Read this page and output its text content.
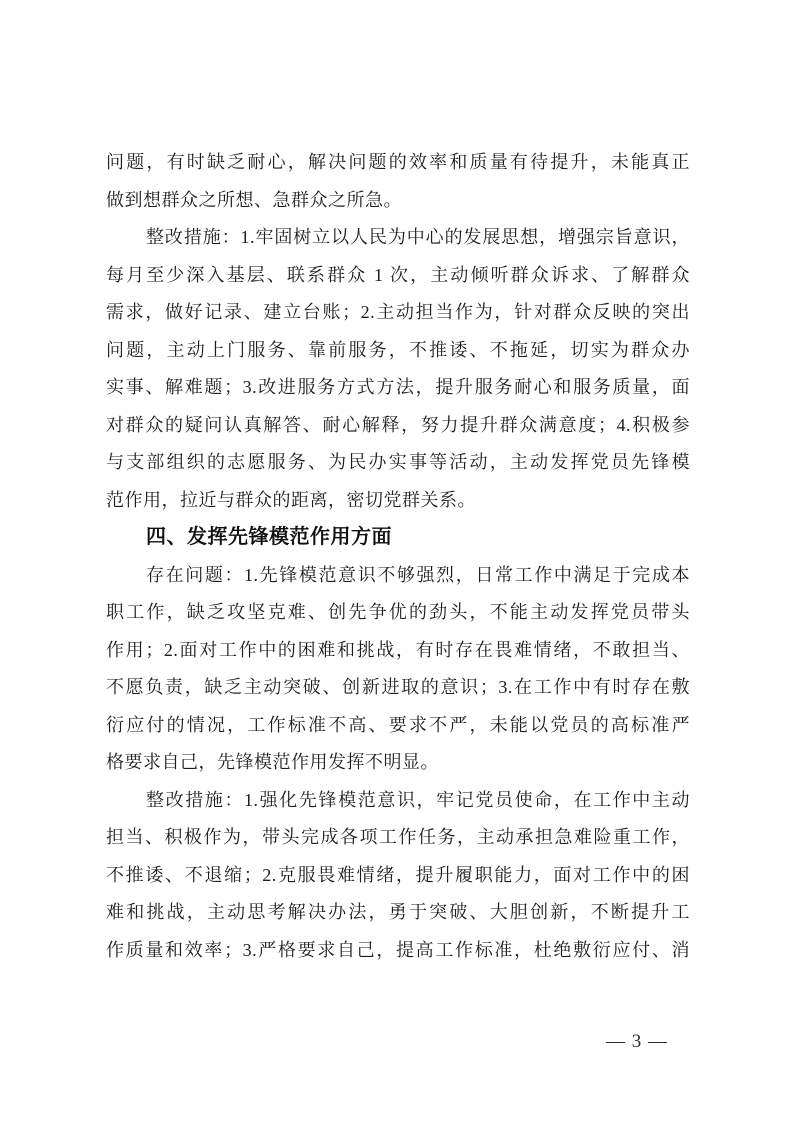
问题，有时缺乏耐心，解决问题的效率和质量有待提升，未能真正
做到想群众之所想、急群众之所急。
整改措施：1.牢固树立以人民为中心的发展思想，增强宗旨意识，
每月至少深入基层、联系群众 1 次，主动倾听群众诉求、了解群众
需求，做好记录、建立台账；2.主动担当作为，针对群众反映的突出
问题，主动上门服务、靠前服务，不推诿、不拖延，切实为群众办
实事、解难题；3.改进服务方式方法，提升服务耐心和服务质量，面
对群众的疑问认真解答、耐心解释，努力提升群众满意度；4.积极参
与支部组织的志愿服务、为民办实事等活动，主动发挥党员先锋模
范作用，拉近与群众的距离，密切党群关系。
四、发挥先锋模范作用方面
存在问题：1.先锋模范意识不够强烈，日常工作中满足于完成本
职工作，缺乏攻坚克难、创先争优的劲头，不能主动发挥党员带头
作用；2.面对工作中的困难和挑战，有时存在畏难情绪，不敢担当、
不愿负责，缺乏主动突破、创新进取的意识；3.在工作中有时存在敷
衍应付的情况，工作标准不高、要求不严，未能以党员的高标准严
格要求自己，先锋模范作用发挥不明显。
整改措施：1.强化先锋模范意识，牢记党员使命，在工作中主动
担当、积极作为，带头完成各项工作任务，主动承担急难险重工作，
不推诿、不退缩；2.克服畏难情绪，提升履职能力，面对工作中的困
难和挑战，主动思考解决办法，勇于突破、大胆创新，不断提升工
作质量和效率；3.严格要求自己，提高工作标准，杜绝敷衍应付、消
— 3 —
